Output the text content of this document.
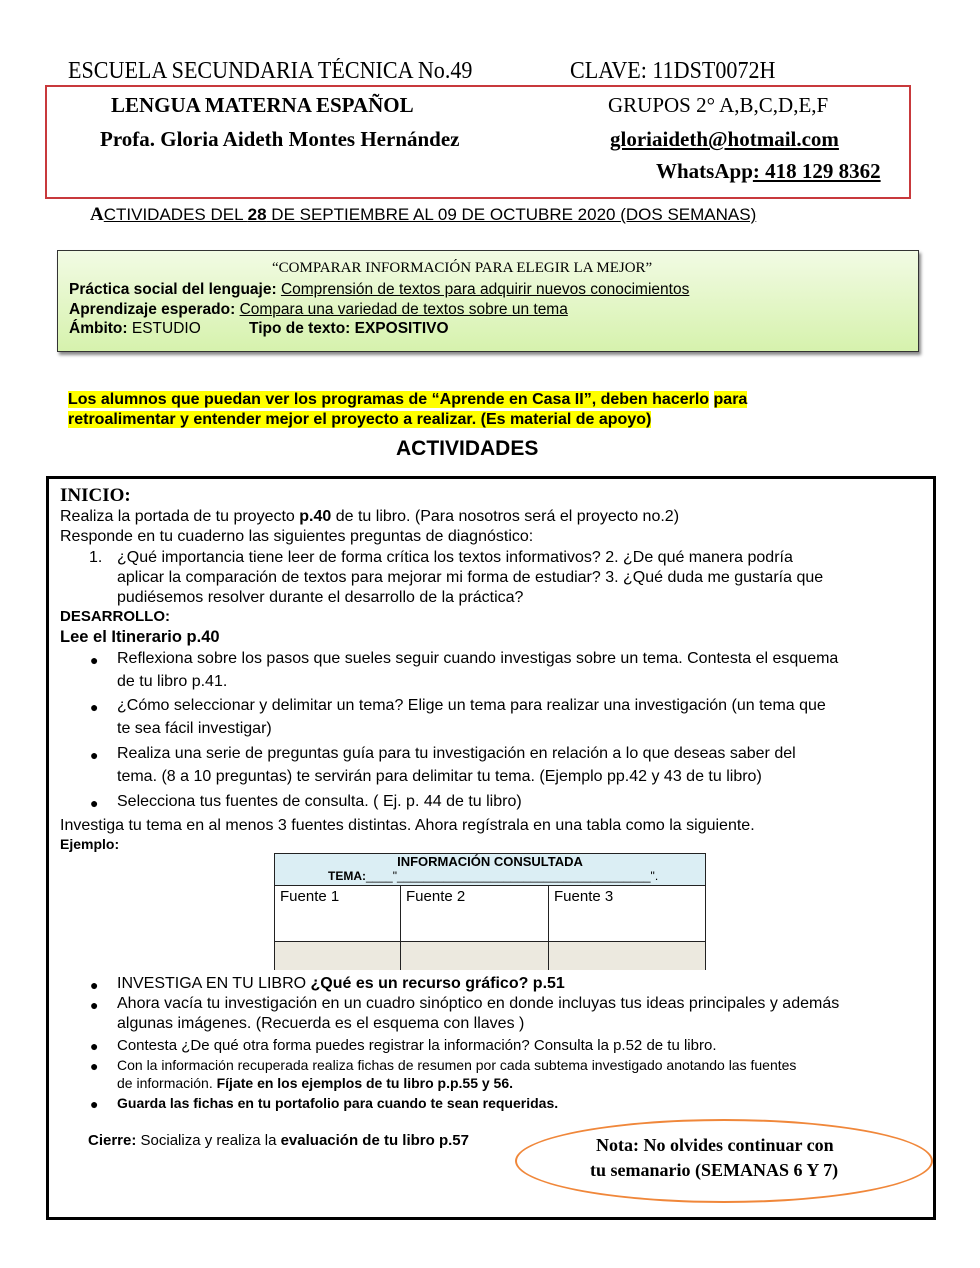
ESCUELA SECUNDARIA TÉCNICA No.49	CLAVE: 11DST0072H
LENGUA MATERNA ESPAÑOL	GRUPOS 2° A,B,C,D,E,F
Profa. Gloria Aideth Montes Hernández	gloriaideth@hotmail.com
WhatsApp: 418 129 8362
ACTIVIDADES DEL 28 DE SEPTIEMBRE AL 09 DE OCTUBRE 2020 (DOS SEMANAS)
“COMPARAR INFORMACIÓN PARA ELEGIR LA MEJOR”
Práctica social del lenguaje: Comprensión de textos para adquirir nuevos conocimientos
Aprendizaje esperado: Compara una variedad de textos sobre un tema
Ámbito: ESTUDIO	Tipo de texto: EXPOSITIVO
Los alumnos que puedan ver los programas de “Aprende en Casa II”, deben hacerlo para
retroalimentar y entender mejor el proyecto a realizar. (Es material de apoyo)
ACTIVIDADES
INICIO:
Realiza la portada de tu proyecto p.40 de tu libro. (Para nosotros será el proyecto no.2)
Responde en tu cuaderno las siguientes preguntas de diagnóstico:
1. ¿Qué importancia tiene leer de forma crítica los textos informativos? 2. ¿De qué manera podría
aplicar la comparación de textos para mejorar mi forma de estudiar? 3. ¿Qué duda me gustaría que
pudiésemos resolver durante el desarrollo de la práctica?
DESARROLLO:
Lee el Itinerario p.40
● Reflexiona sobre los pasos que sueles seguir cuando investigas sobre un tema. Contesta el esquema
de tu libro p.41.
● ¿Cómo seleccionar y delimitar un tema? Elige un tema para realizar una investigación (un tema que
te sea fácil investigar)
● Realiza una serie de preguntas guía para tu investigación en relación a lo que deseas saber del
tema. (8 a 10 preguntas) te servirán para delimitar tu tema. (Ejemplo pp.42 y 43 de tu libro)
● Selecciona tus fuentes de consulta. ( Ej. p. 44 de tu libro)
Investiga tu tema en al menos 3 fuentes distintas. Ahora regístrala en una tabla como la siguiente.
Ejemplo:
INFORMACIÓN CONSULTADA
TEMA:____"______________________________________".		

Fuente 1	Fuente 2	Fuente 3

● INVESTIGA EN TU LIBRO ¿Qué es un recurso gráfico? p.51
● Ahora vacía tu investigación en un cuadro sinóptico en donde incluyas tus ideas principales y además
algunas imágenes. (Recuerda es el esquema con llaves )
● Contesta ¿De qué otra forma puedes registrar la información? Consulta la p.52 de tu libro.
● Con la información recuperada realiza fichas de resumen por cada subtema investigado anotando las fuentes
de información. Fíjate en los ejemplos de tu libro p.p.55 y 56.
● Guarda las fichas en tu portafolio para cuando te sean requeridas.
Cierre: Socializa y realiza la evaluación de tu libro p.57	Nota: No olvides continuar con
tu semanario (SEMANAS 6 Y 7)
